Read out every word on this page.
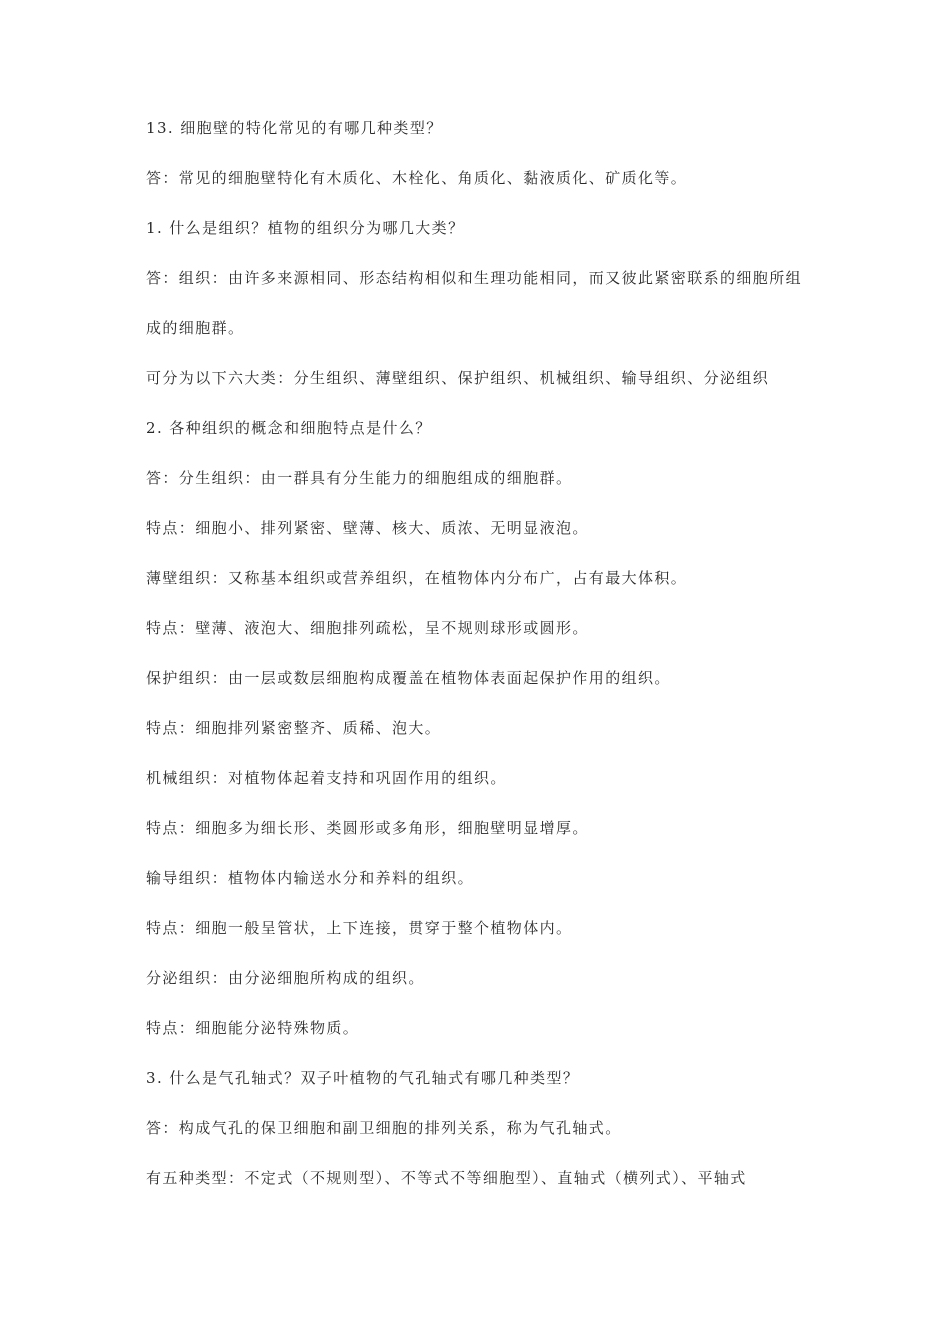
13. 细胞壁的特化常见的有哪几种类型？
答：常见的细胞壁特化有木质化、木栓化、角质化、黏液质化、矿质化等。
1. 什么是组织？植物的组织分为哪几大类？
答：组织：由许多来源相同、形态结构相似和生理功能相同，而又彼此紧密联系的细胞所组
成的细胞群。
可分为以下六大类：分生组织、薄壁组织、保护组织、机械组织、输导组织、分泌组织
2. 各种组织的概念和细胞特点是什么？
答：分生组织：由一群具有分生能力的细胞组成的细胞群。
特点：细胞小、排列紧密、壁薄、核大、质浓、无明显液泡。
薄壁组织：又称基本组织或营养组织，在植物体内分布广，占有最大体积。
特点：壁薄、液泡大、细胞排列疏松，呈不规则球形或圆形。
保护组织：由一层或数层细胞构成覆盖在植物体表面起保护作用的组织。
特点：细胞排列紧密整齐、质稀、泡大。
机械组织：对植物体起着支持和巩固作用的组织。
特点：细胞多为细长形、类圆形或多角形，细胞壁明显增厚。
输导组织：植物体内输送水分和养料的组织。
特点：细胞一般呈管状，上下连接，贯穿于整个植物体内。
分泌组织：由分泌细胞所构成的组织。
特点：细胞能分泌特殊物质。
3. 什么是气孔轴式？双子叶植物的气孔轴式有哪几种类型？
答：构成气孔的保卫细胞和副卫细胞的排列关系，称为气孔轴式。
有五种类型：不定式（不规则型）、不等式不等细胞型）、直轴式（横列式）、平轴式
